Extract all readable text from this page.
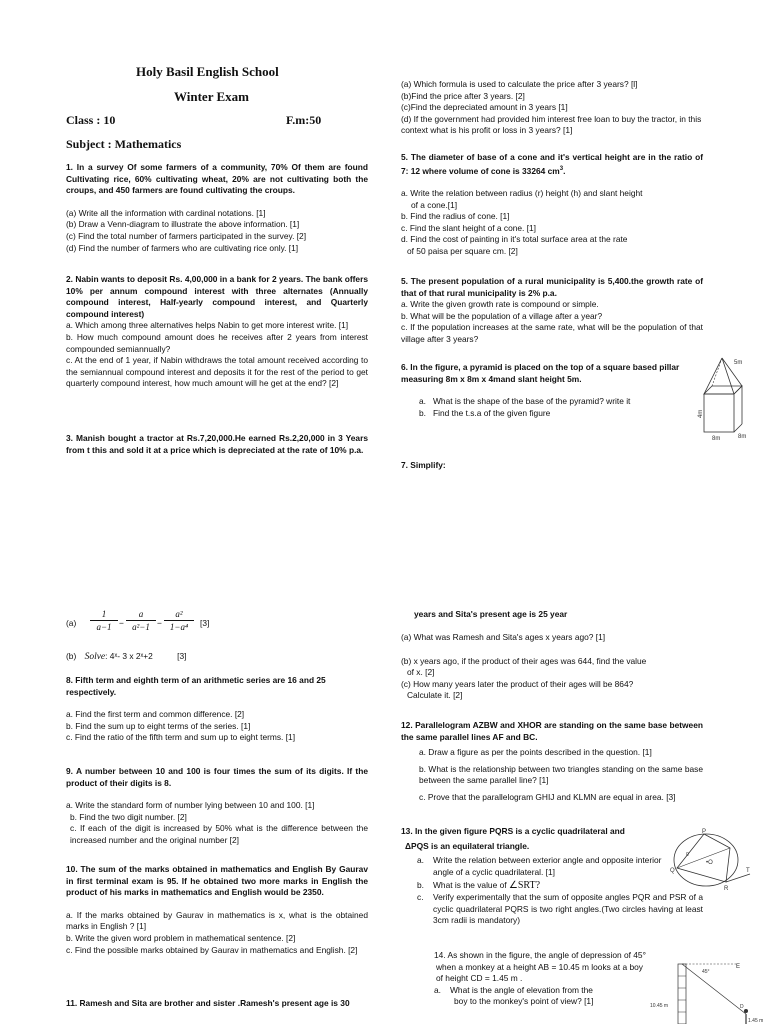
Holy Basil English School
Winter Exam
Class : 10	F.m:50
Subject : Mathematics
1. In a survey Of some farmers of a community, 70% Of them are found Cultivating rice, 60% cultivating wheat, 20% are not cultivating both the croups, and 450 farmers are found cultivating the croups.
(a) Write all the information with cardinal notations. [1]
(b) Draw a Venn-diagram to illustrate the above information. [1]
(c) Find the total number of farmers participated in the survey. [2]
(d) Find the number of farmers who are cultivating rice only. [1]
2. Nabin wants to deposit Rs. 4,00,000 in a bank for 2 years. The bank offers 10% per annum compound interest with three alternates (Annually compound interest, Half-yearly compound interest, and Quarterly compound interest)
a. Which among three alternatives helps Nabin to get more interest write. [1]
b. How much compound amount does he receives after 2 years from interest compounded semiannually?
c. At the end of 1 year, if Nabin withdraws the total amount received according to the semiannual compound interest and deposits it for the rest of the period to get quarterly compound interest, how much amount will he get at the end? [2]
3. Manish bought a tractor at Rs.7,20,000.He earned Rs.2,20,000 in 3 Years from t this and sold it at a price which is depreciated at the rate of 10% p.a.
(a) Which formula is used to calculate the price after 3 years? [l]
(b)Find the price after 3 years. [2]
(c)Find the depreciated amount in 3 years [1]
(d) If the government had provided him interest free loan to buy the tractor, in this context what is his profit or loss in 3 years? [1]
5. The diameter of base of a cone and it's vertical height are in the ratio of 7: 12 where volume of cone is 33264 $cm^3$.
a. Write the relation between radius (r) height (h) and slant height
of a cone.[1]
b. Find the radius of cone. [1]
c. Find the slant height of a cone. [1]
d. Find the cost of painting in it's total surface area at the rate
of 50 paisa per square cm. [2]
5. The present population of a rural municipality is 5,400.the growth rate of that of that rural municipality is 2% p.a.
a. Write the given growth rate is compound or simple.
b. What will be the population of a village after a year?
c. If the population increases at the same rate, what will be the population of that village after 3 years?
6. In the figure, a pyramid is placed on the top of a square based pillar measuring 8m x 8m x 4mand slant height 5m.
a. What is the shape of the base of the pyramid? write it
b. Find the t.s.a of the given figure
5m
4m
8m	8m
7. Simplify:
$(a) \frac{1}{a-1} - \frac{a}{\text{a²−1}} - \frac{\text{a²}}{\text{1−a⁴}} [3]$
(b) Solve: 4ˣ- 3 x 2ˣ+2	[3]
8. Fifth term and eighth term of an arithmetic series are 16 and 25 respectively.
a. Find the first term and common difference. [2]
b. Find the sum up to eight terms of the series. [1]
c. Find the ratio of the fifth term and sum up to eight terms. [1]
9. A number between 10 and 100 is four times the sum of its digits. If the product of their digits is 8.
a. Write the standard form of number lying between 10 and 100. [1]
b. Find the two digit number. [2]
c. If each of the digit is increased by 50% what is the difference between the increased number and the original number [2]
10. The sum of the marks obtained in mathematics and English By Gaurav in first terminal exam is 95. If he obtained two more marks in English the product of his marks in mathematics and English would be 2350.
a. If the marks obtained by Gaurav in mathematics is x, what is the obtained marks in English ? [1]
b. Write the given word problem in mathematical sentence. [2]
c. Find the possible marks obtained by Gaurav in mathematics and English. [2]
11. Ramesh and Sita are brother and sister .Ramesh's present age is 30
years and Sita's present age is 25 year
(a) What was Ramesh and Sita's ages x years ago? [1]
(b) x years ago, if the product of their ages was 644, find the value
of x. [2]
(c) How many years later the product of their ages will be 864?
Calculate it. [2]
12. Parallelogram AZBW and XHOR are standing on the same base between the same parallel lines AF and BC.
a. Draw a figure as per the points described in the question. [1]
b. What is the relationship between two triangles standing on the same base between the same parallel line? [1]
c. Prove that the parallelogram GHIJ and KLMN are equal in area. [3]
13. In the given figure PQRS is a cyclic quadrilateral and
ΔPQS is an equilateral triangle.
a. Write the relation between exterior angle and opposite interior angle of a cyclic quadrilateral. [1]
b. What is the value of ∠SRT?
c. Verify experimentally that the sum of opposite angles PQR and PSR of a cyclic quadrilateral PQRS is two right angles.(Two circles having at least 3cm radii is mandatory)
P
•O
0
Q
R
T
14. As shown in the figure, the angle of depression of 45°
when a monkey at a height AB = 10.45 m looks at a boy
of height CD = 1.45 m .
a. What is the angle of elevation from the
boy to the monkey's point of view? [1]
45°
E
10.45 m	D
1.45 m
